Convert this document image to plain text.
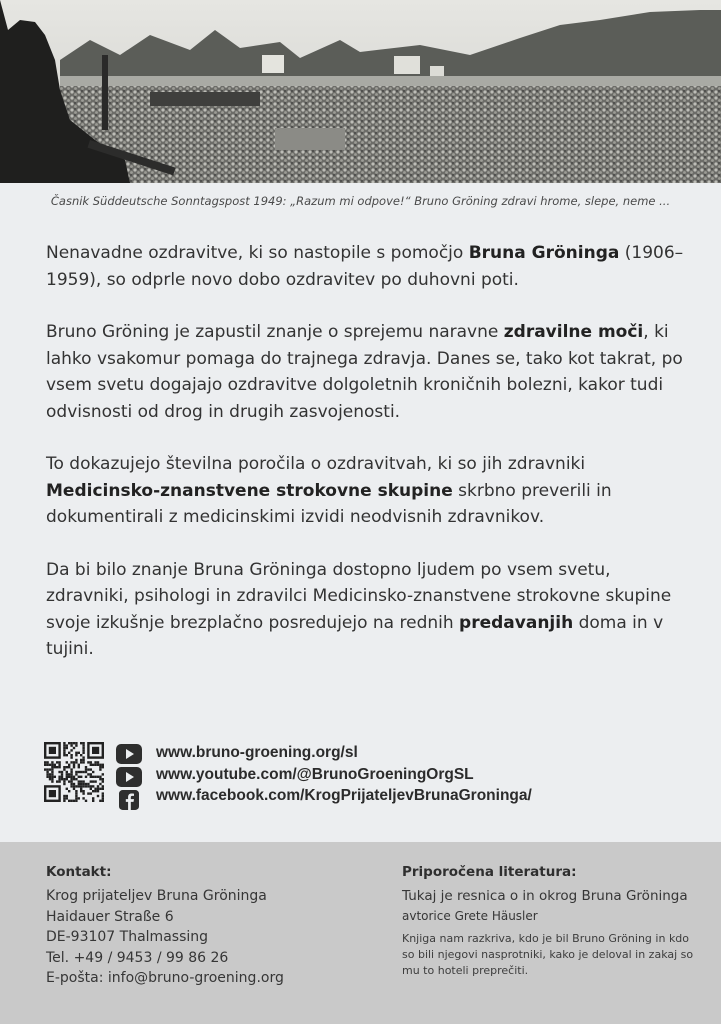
Časnik Süddeutsche Sonntagspost 1949: „Razum mi odpove!“ Bruno Gröning zdravi hrome, slepe, neme ...

Nenavadne ozdravitve, ki so nastopile s pomočjo Bruna Gröninga (1906–1959), so odprle novo dobo ozdravitev po duhovni poti.

Bruno Gröning je zapustil znanje o sprejemu naravne zdravilne moči, ki lahko vsakomur pomaga do trajnega zdravja. Danes se, tako kot takrat, po vsem svetu dogajajo ozdravitve dolgoletnih kroničnih bolezni, kakor tudi odvisnosti od drog in drugih zasvojenosti.

To dokazujejo številna poročila o ozdravitvah, ki so jih zdravniki Medicinsko-znanstvene strokovne skupine skrbno preverili in dokumentirali z medicinskimi izvidi neodvisnih zdravnikov.

Da bi bilo znanje Bruna Gröninga dostopno ljudem po vsem svetu, zdravniki, psihologi in zdravilci Medicinsko-znanstvene strokovne skupine svoje izkušnje brezplačno posredujejo na rednih predavanjih doma in v tujini.

www.bruno-groening.org/sl
www.youtube.com/@BrunoGroeningOrgSL
www.facebook.com/KrogPrijateljevBrunaGroninga/
Kontakt:
Krog prijateljev Bruna Gröninga
Haidauer Straße 6
DE-93107 Thalmassing
Tel. +49 / 9453 / 99 86 26
E-pošta: info@bruno-groening.org
Priporočena literatura:
Tukaj je resnica o in okrog Bruna Gröninga avtorice Grete Häusler
Knjiga nam razkriva, kdo je bil Bruno Gröning in kdo so bili njegovi nasprotniki, kako je deloval in zakaj so mu to hoteli preprečiti.
